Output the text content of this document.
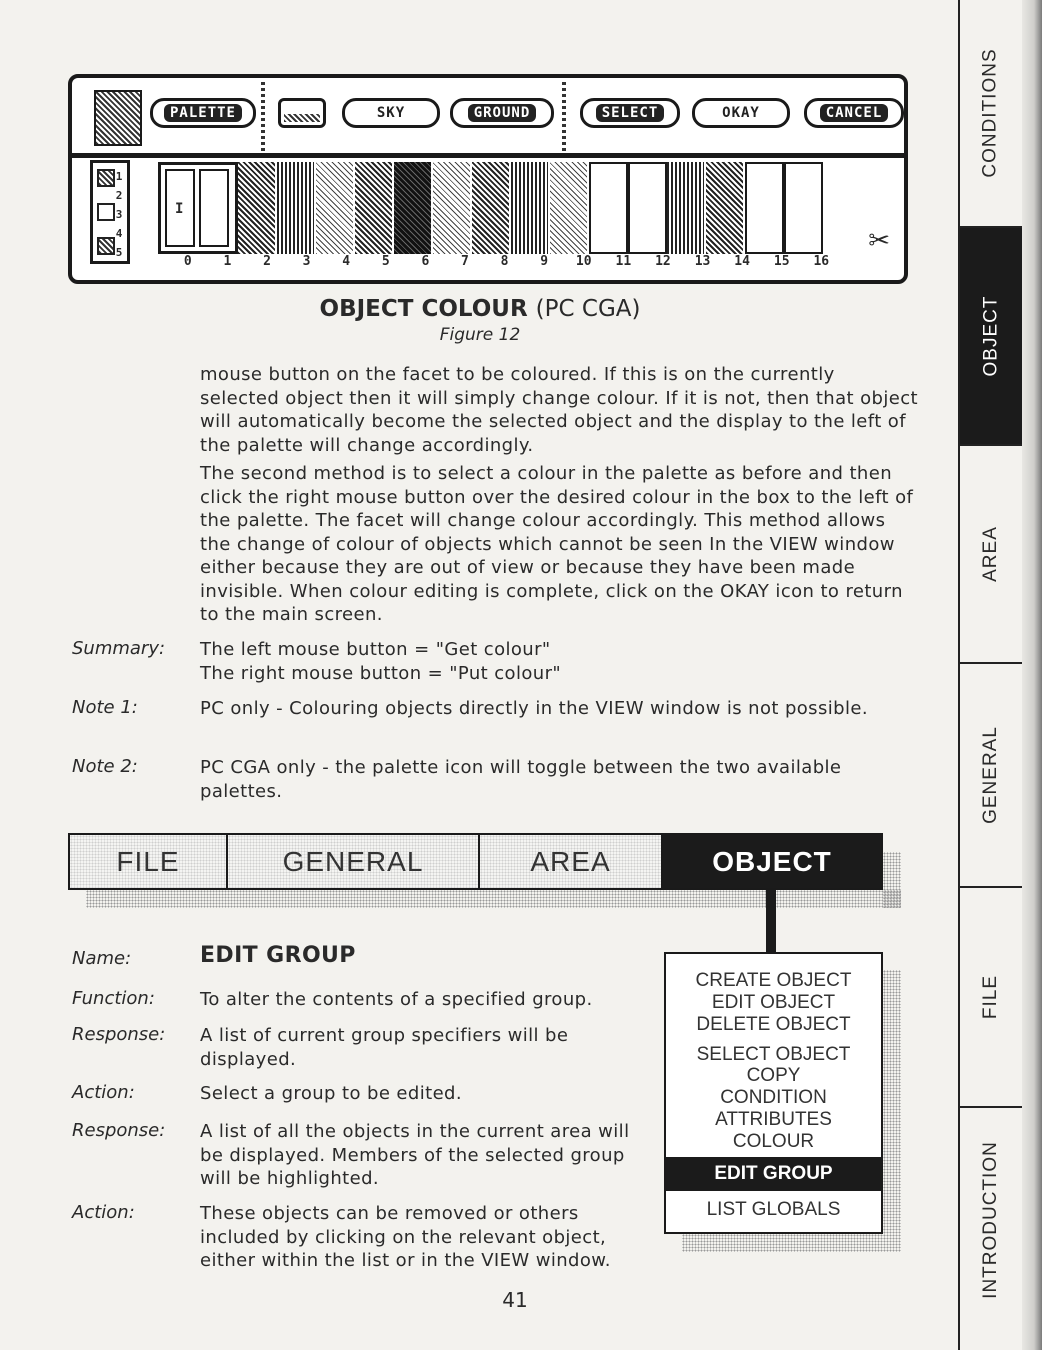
PALETTE	SKY	GROUND	SELECT	OKAY	CANCEL
1
2
3
4
5
I
0	1	2	3	4	5	6	7	8	9	10	11	12	13	14	15	16
✂
OBJECT COLOUR (PC CGA)
Figure 12
mouse button on the facet to be coloured. If this is on the currently selected object then it will simply change colour. If it is not, then that object will automatically become the selected object and the display to the left of the palette will change accordingly.
The second method is to select a colour in the palette as before and then click the right mouse button over the desired colour in the box to the left of the palette. The facet will change colour accordingly. This method allows the change of colour of objects which cannot be seen In the VIEW window either because they are out of view or because they have been made invisible. When colour editing is complete, click on the OKAY icon to return to the main screen.
Summary: The left mouse button = "Get colour"
The right mouse button = "Put colour"
Note 1:	PC only - Colouring objects directly in the VIEW window is not possible.
Note 2:	PC CGA only - the palette icon will toggle between the two available palettes.
FILE	GENERAL	AREA	OBJECT
Name:	EDIT GROUP
Function:	To alter the contents of a specified group.
Response: A list of current group specifiers will be displayed.
Action:	Select a group to be edited.
Response: A list of all the objects in the current area will be displayed. Members of the selected group will be highlighted.
Action:	These objects can be removed or others included by clicking on the relevant object, either within the list or in the VIEW window.
CREATE OBJECT
EDIT OBJECT
DELETE OBJECT
SELECT OBJECT
COPY
CONDITION
ATTRIBUTES
COLOUR
EDIT GROUP
LIST GLOBALS
41
CONDITIONS
OBJECT
AREA
GENERAL
FILE
INTRODUCTION
